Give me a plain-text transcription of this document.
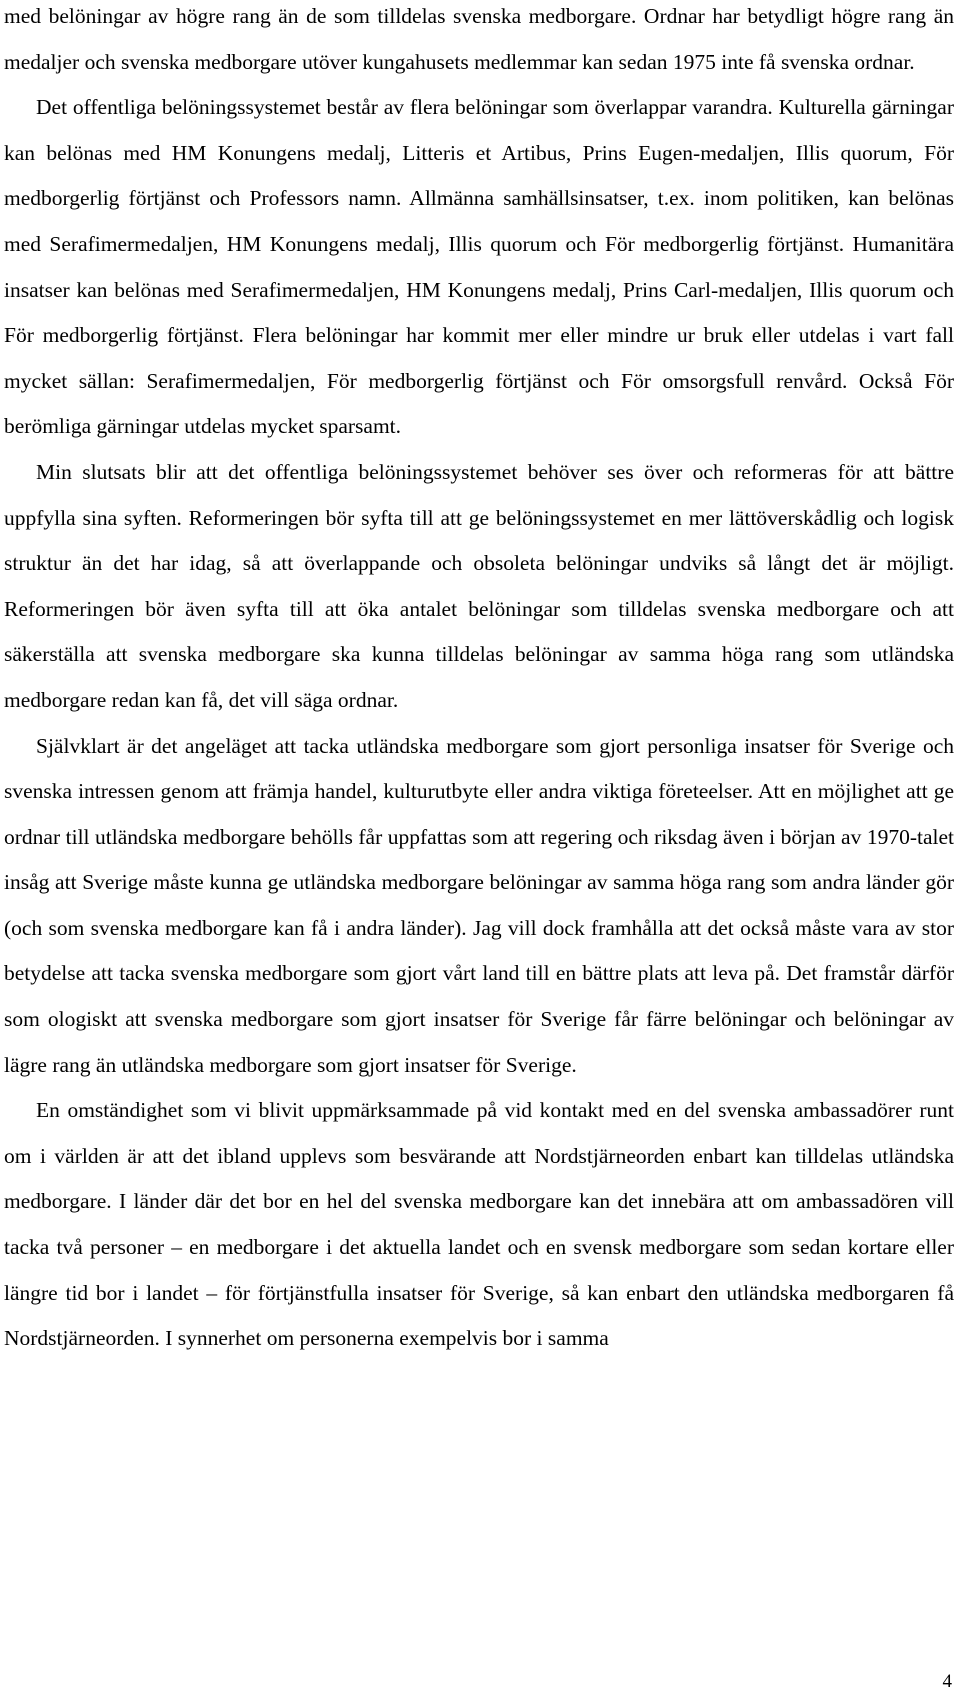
med belöningar av högre rang än de som tilldelas svenska medborgare. Ordnar har betydligt högre rang än medaljer och svenska medborgare utöver kungahusets medlemmar kan sedan 1975 inte få svenska ordnar.

Det offentliga belöningssystemet består av flera belöningar som överlappar varandra. Kulturella gärningar kan belönas med HM Konungens medalj, Litteris et Artibus, Prins Eugen-medaljen, Illis quorum, För medborgerlig förtjänst och Professors namn. Allmänna samhällsinsatser, t.ex. inom politiken, kan belönas med Serafimermedaljen, HM Konungens medalj, Illis quorum och För medborgerlig förtjänst. Humanitära insatser kan belönas med Serafimermedaljen, HM Konungens medalj, Prins Carl-medaljen, Illis quorum och För medborgerlig förtjänst. Flera belöningar har kommit mer eller mindre ur bruk eller utdelas i vart fall mycket sällan: Serafimermedaljen, För medborgerlig förtjänst och För omsorgsfull renvård. Också För berömliga gärningar utdelas mycket sparsamt.

Min slutsats blir att det offentliga belöningssystemet behöver ses över och reformeras för att bättre uppfylla sina syften. Reformeringen bör syfta till att ge belöningssystemet en mer lättöverskådlig och logisk struktur än det har idag, så att överlappande och obsoleta belöningar undviks så långt det är möjligt. Reformeringen bör även syfta till att öka antalet belöningar som tilldelas svenska medborgare och att säkerställa att svenska medborgare ska kunna tilldelas belöningar av samma höga rang som utländska medborgare redan kan få, det vill säga ordnar.

Självklart är det angeläget att tacka utländska medborgare som gjort personliga insatser för Sverige och svenska intressen genom att främja handel, kulturutbyte eller andra viktiga företeelser. Att en möjlighet att ge ordnar till utländska medborgare behölls får uppfattas som att regering och riksdag även i början av 1970-talet insåg att Sverige måste kunna ge utländska medborgare belöningar av samma höga rang som andra länder gör (och som svenska medborgare kan få i andra länder). Jag vill dock framhålla att det också måste vara av stor betydelse att tacka svenska medborgare som gjort vårt land till en bättre plats att leva på. Det framstår därför som ologiskt att svenska medborgare som gjort insatser för Sverige får färre belöningar och belöningar av lägre rang än utländska medborgare som gjort insatser för Sverige.

En omständighet som vi blivit uppmärksammade på vid kontakt med en del svenska ambassadörer runt om i världen är att det ibland upplevs som besvärande att Nordstjärneorden enbart kan tilldelas utländska medborgare. I länder där det bor en hel del svenska medborgare kan det innebära att om ambassadören vill tacka två personer – en medborgare i det aktuella landet och en svensk medborgare som sedan kortare eller längre tid bor i landet – för förtjänstfulla insatser för Sverige, så kan enbart den utländska medborgaren få Nordstjärneorden. I synnerhet om personerna exempelvis bor i samma

4
